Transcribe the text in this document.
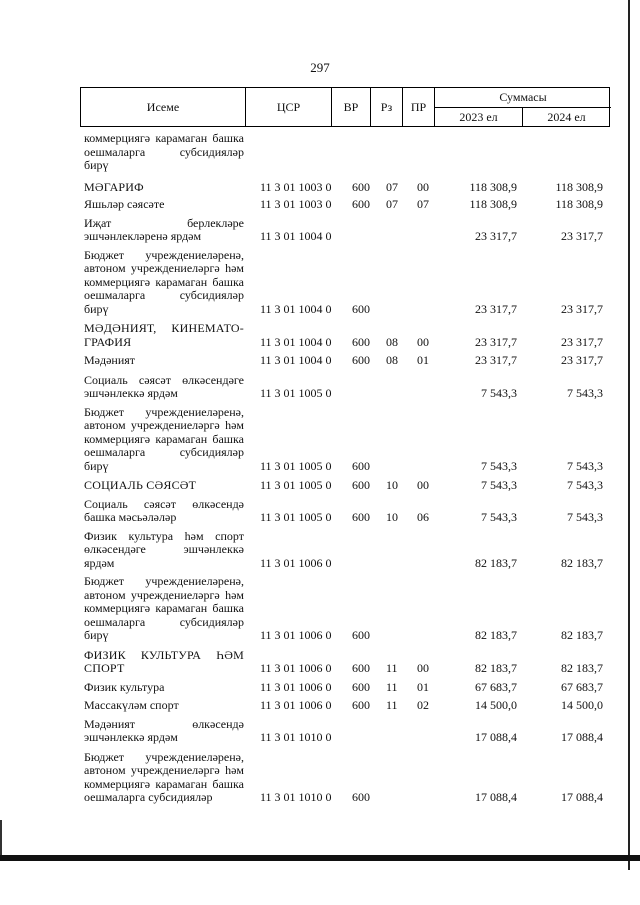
297
Исеме	ЦСР	ВР	Рз	ПР
Суммасы
2023 ел	2024 ел
коммерциягә карамаган башка
оешмаларга субсидияләр
бирү
МӘГАРИФ	11 3 01 1003 0 600 07 00	118 308,9	118 308,9
Яшьләр сәясәте	11 3 01 1003 0 600 07 07	118 308,9	118 308,9
Иҗат берлекләре
эшчәнлекләренә ярдәм	11 3 01 1004 0	23 317,7	23 317,7
Бюджет учреждениеләренә,
автоном учреждениеләргә һәм
коммерциягә карамаган башка
оешмаларга субсидияләр
бирү	11 3 01 1004 0 600	23 317,7	23 317,7
МӘДӘНИЯТ, КИНЕМАТО-
ГРАФИЯ	11 3 01 1004 0 600 08 00	23 317,7	23 317,7
Мәдәният	11 3 01 1004 0 600 08 01	23 317,7	23 317,7
Социаль сәясәт өлкәсендәге
эшчәнлеккә ярдәм	11 3 01 1005 0	7 543,3	7 543,3
Бюджет учреждениеләренә,
автоном учреждениеләргә һәм
коммерциягә карамаган башка
оешмаларга субсидияләр
бирү	11 3 01 1005 0 600	7 543,3	7 543,3
СОЦИАЛЬ СӘЯСӘТ	11 3 01 1005 0 600 10 00	7 543,3	7 543,3
Социаль сәясәт өлкәсендә
башка мәсьәләләр	11 3 01 1005 0 600 10 06	7 543,3	7 543,3
Физик культура һәм спорт
өлкәсендәге эшчәнлеккә
ярдәм	11 3 01 1006 0	82 183,7	82 183,7
Бюджет учреждениеләренә,
автоном учреждениеләргә һәм
коммерциягә карамаган башка
оешмаларга субсидияләр
бирү	11 3 01 1006 0 600	82 183,7	82 183,7
ФИЗИК КУЛЬТУРА ҺӘМ
СПОРТ	11 3 01 1006 0 600 11 00	82 183,7	82 183,7
Физик культура	11 3 01 1006 0 600 11 01	67 683,7	67 683,7
Массакүләм спорт	11 3 01 1006 0 600 11 02	14 500,0	14 500,0
Мәдәният өлкәсендә
эшчәнлеккә ярдәм	11 3 01 1010 0	17 088,4	17 088,4
Бюджет учреждениеләренә,
автоном учреждениеләргә һәм
коммерциягә карамаган башка
оешмаларга субсидияләр	11 3 01 1010 0 600	17 088,4	17 088,4
